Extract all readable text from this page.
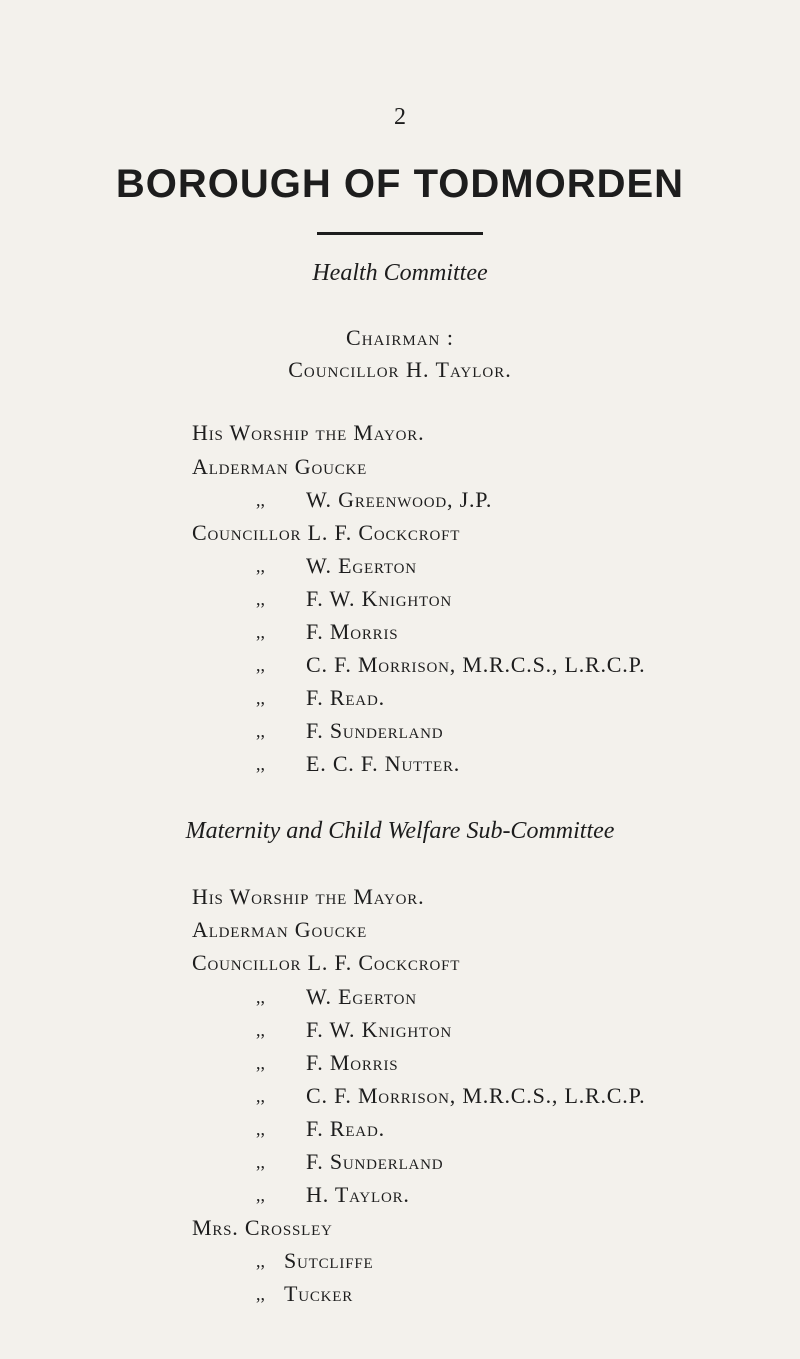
2
BOROUGH OF TODMORDEN
Health Committee
Chairman :
Councillor H. Taylor.
His Worship the Mayor.
Alderman Goucke
,, W. Greenwood, J.P.
Councillor L. F. Cockcroft
,, W. Egerton
,, F. W. Knighton
,, F. Morris
,, C. F. Morrison, M.R.C.S., L.R.C.P.
,, F. Read.
,, F. Sunderland
,, E. C. F. Nutter.
Maternity and Child Welfare Sub-Committee
His Worship the Mayor.
Alderman Goucke
Councillor L. F. Cockcroft
,, W. Egerton
,, F. W. Knighton
,, F. Morris
,, C. F. Morrison, M.R.C.S., L.R.C.P.
,, F. Read.
,, F. Sunderland
,, H. Taylor.
Mrs. Crossley
,, Sutcliffe
,, Tucker
